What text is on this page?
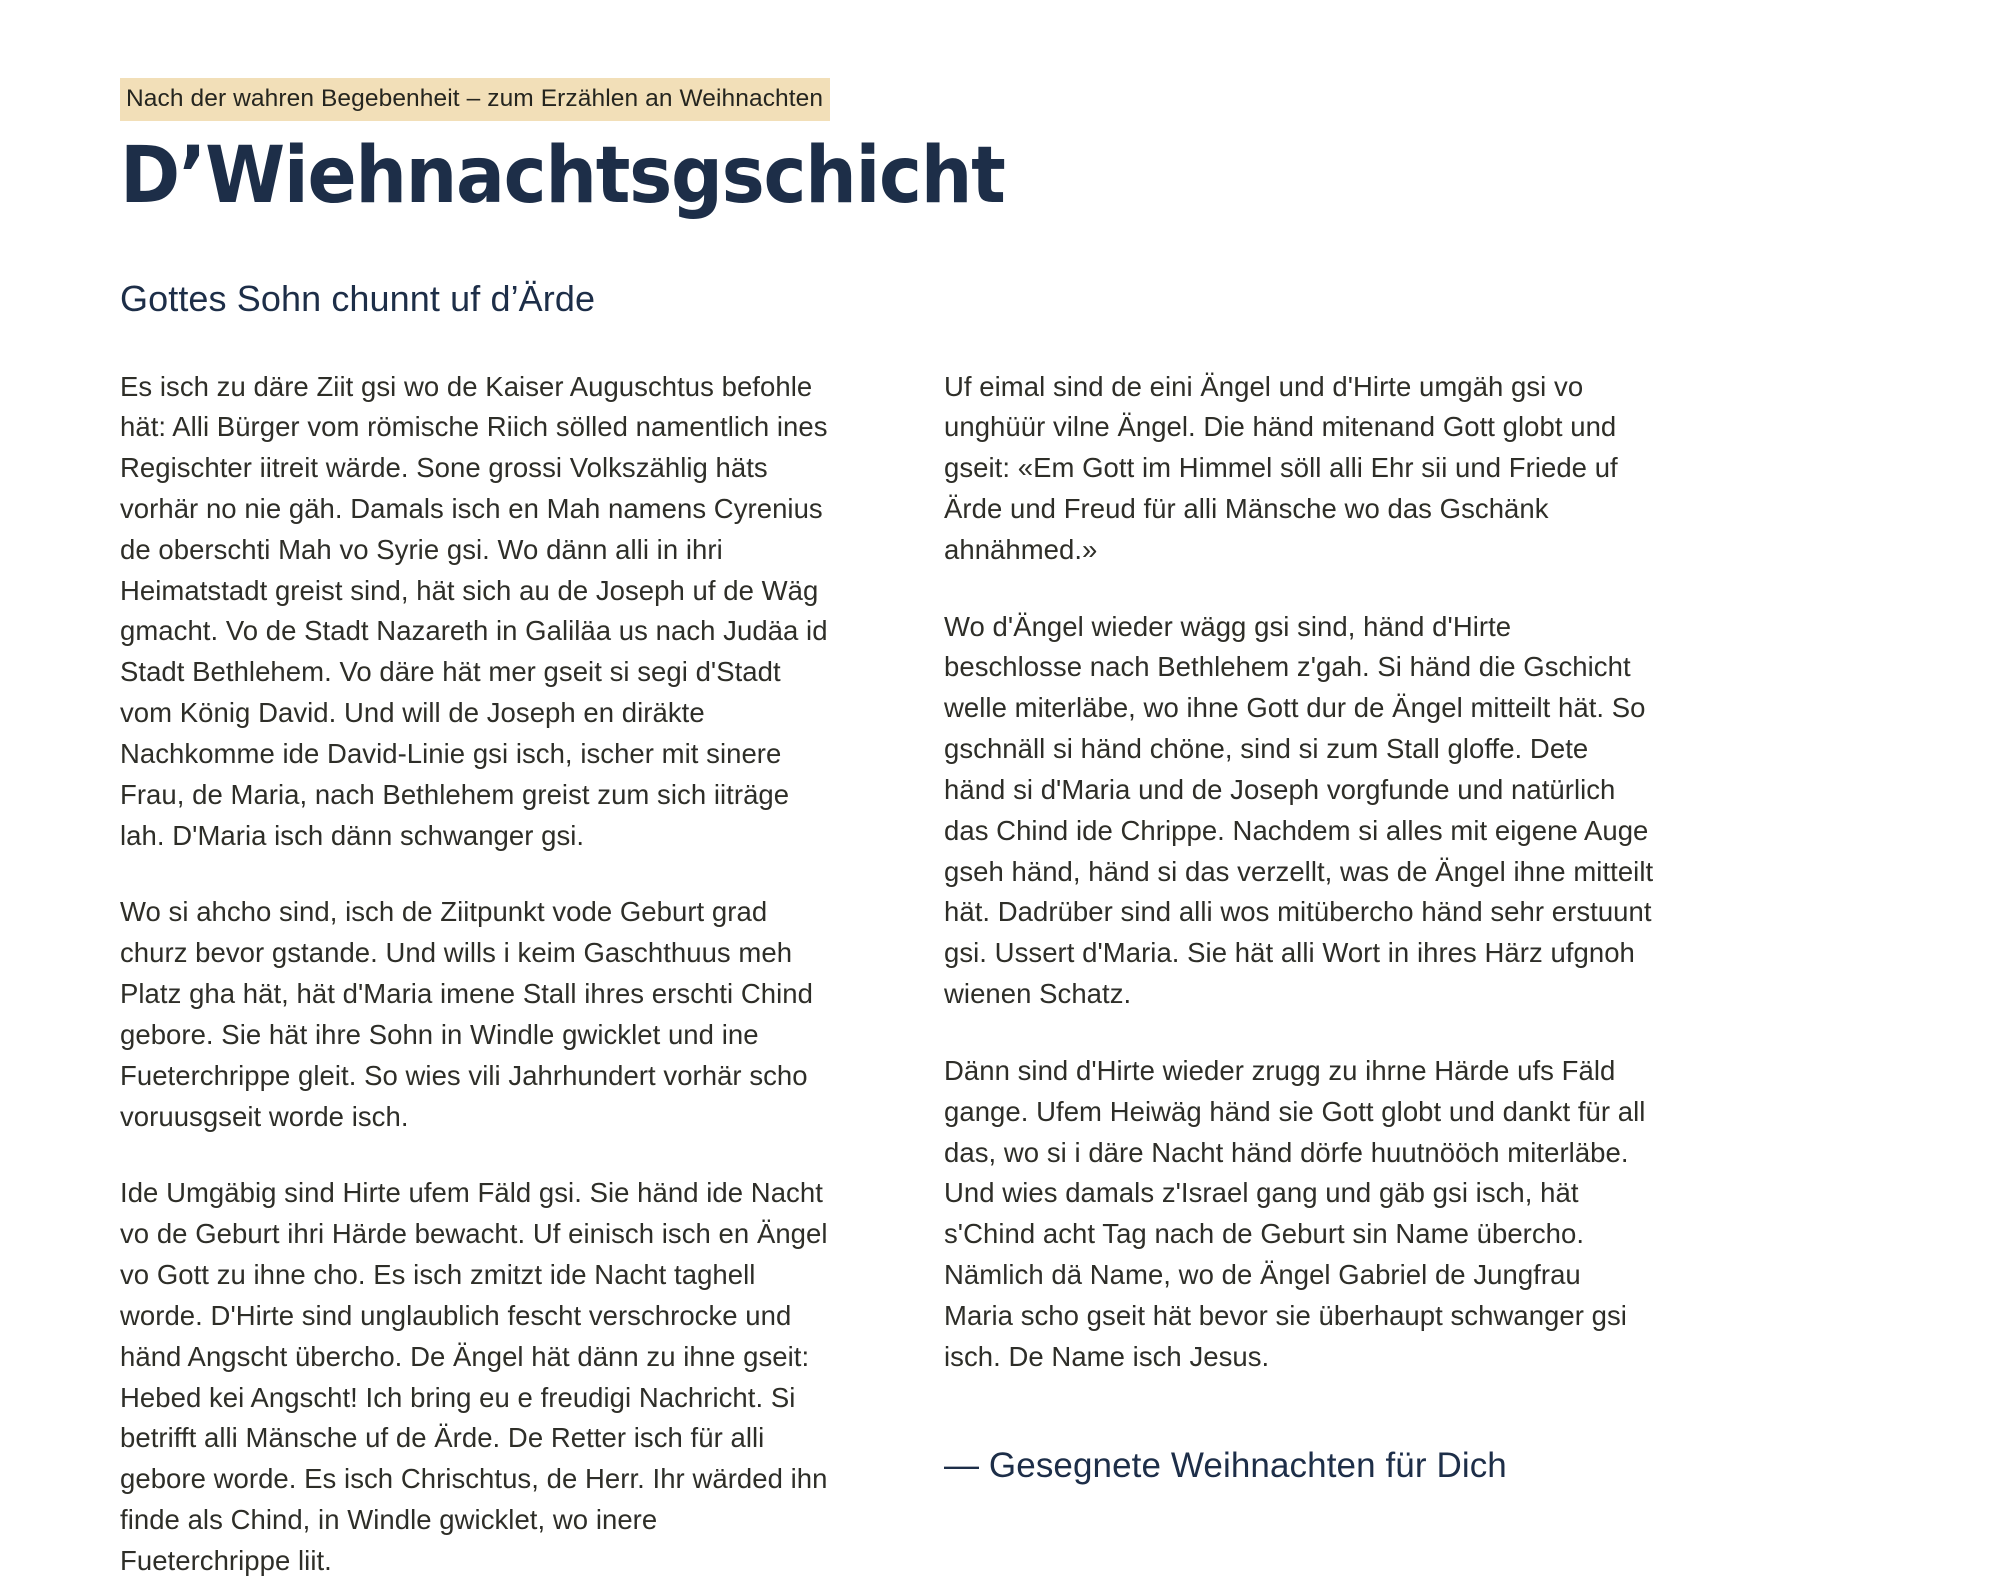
Nach der wahren Begebenheit – zum Erzählen an Weihnachten
D’Wiehnachtsgschicht
Gottes Sohn chunnt uf d’Ärde

Es isch zu däre Ziit gsi wo de Kaiser Auguschtus befohle hät: Alli Bürger vom römische Riich sölled namentlich ines Regischter iitreit wärde. Sone grossi Volkszählig häts vorhär no nie gäh. Damals isch en Mah namens Cyrenius de oberschti Mah vo Syrie gsi. Wo dänn alli in ihri Heimatstadt greist sind, hät sich au de Joseph uf de Wäg gmacht. Vo de Stadt Nazareth in Galiläa us nach Judäa id Stadt Bethlehem. Vo däre hät mer gseit si segi d'Stadt vom König David. Und will de Joseph en diräkte Nachkomme ide David-Linie gsi isch, ischer mit sinere Frau, de Maria, nach Bethlehem greist zum sich iiträge lah. D'Maria isch dänn schwanger gsi.

Wo si ahcho sind, isch de Ziitpunkt vode Geburt grad churz bevor gstande. Und wills i keim Gaschthuus meh Platz gha hät, hät d'Maria imene Stall ihres erschti Chind gebore. Sie hät ihre Sohn in Windle gwicklet und ine Fueterchrippe gleit. So wies vili Jahrhundert vorhär scho voruusgseit worde isch.

Ide Umgäbig sind Hirte ufem Fäld gsi. Sie händ ide Nacht vo de Geburt ihri Härde bewacht. Uf einisch isch en Ängel vo Gott zu ihne cho. Es isch zmitzt ide Nacht taghell worde. D'Hirte sind unglaublich fescht verschrocke und händ Angscht übercho. De Ängel hät dänn zu ihne gseit: Hebed kei Angscht! Ich bring eu e freudigi Nachricht. Si betrifft alli Mänsche uf de Ärde. De Retter isch für alli gebore worde. Es isch Chrischtus, de Herr. Ihr wärded ihn finde als Chind, in Windle gwicklet, wo inere Fueterchrippe liit.

Uf eimal sind de eini Ängel und d'Hirte umgäh gsi vo unghüür vilne Ängel. Die händ mitenand Gott globt und gseit: «Em Gott im Himmel söll alli Ehr sii und Friede uf Ärde und Freud für alli Mänsche wo das Gschänk ahnähmed.»

Wo d'Ängel wieder wägg gsi sind, händ d'Hirte beschlosse nach Bethlehem z'gah. Si händ die Gschicht welle miterläbe, wo ihne Gott dur de Ängel mitteilt hät. So gschnäll si händ chöne, sind si zum Stall gloffe. Dete händ si d'Maria und de Joseph vorgfunde und natürlich das Chind ide Chrippe. Nachdem si alles mit eigene Auge gseh händ, händ si das verzellt, was de Ängel ihne mitteilt hät. Dadrüber sind alli wos mitübercho händ sehr erstuunt gsi. Ussert d'Maria. Sie hät alli Wort in ihres Härz ufgnoh wienen Schatz.

Dänn sind d'Hirte wieder zrugg zu ihrne Härde ufs Fäld gange. Ufem Heiwäg händ sie Gott globt und dankt für all das, wo si i däre Nacht händ dörfe huutnööch miterläbe. Und wies damals z'Israel gang und gäb gsi isch, hät s'Chind acht Tag nach de Geburt sin Name übercho. Nämlich dä Name, wo de Ängel Gabriel de Jungfrau Maria scho gseit hät bevor sie überhaupt schwanger gsi isch. De Name isch Jesus.

— Gesegnete Weihnachten für Dich
